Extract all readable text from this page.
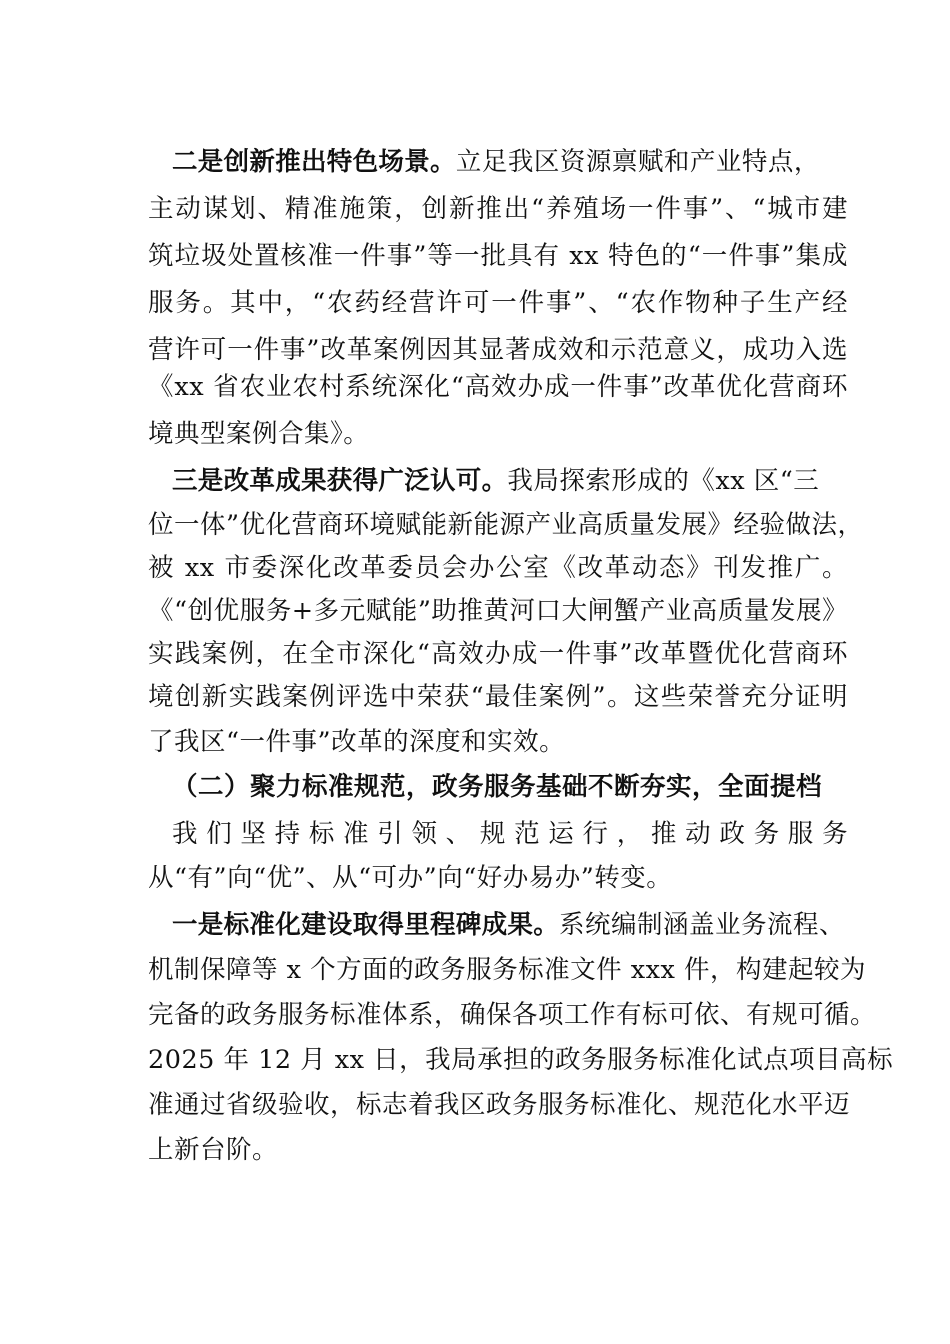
二是创新推出特色场景。立足我区资源禀赋和产业特点，
主动谋划、精准施策，创新推出“养殖场一件事”、“城市建
筑垃圾处置核准一件事”等一批具有 xx 特色的“一件事”集成
服务。其中，“农药经营许可一件事”、“农作物种子生产经
营许可一件事”改革案例因其显著成效和示范意义，成功入选
《xx 省农业农村系统深化“高效办成一件事”改革优化营商环
境典型案例合集》。
三是改革成果获得广泛认可。我局探索形成的《xx 区“三
位一体”优化营商环境赋能新能源产业高质量发展》经验做法，
被 xx 市委深化改革委员会办公室《改革动态》刊发推广。
《“创优服务+多元赋能”助推黄河口大闸蟹产业高质量发展》
实践案例，在全市深化“高效办成一件事”改革暨优化营商环
境创新实践案例评选中荣获“最佳案例”。这些荣誉充分证明
了我区“一件事”改革的深度和实效。
（二）聚力标准规范，政务服务基础不断夯实，全面提档
我们坚持标准引领、规范运行，推动政务服务
从“有”向“优”、从“可办”向“好办易办”转变。
一是标准化建设取得里程碑成果。系统编制涵盖业务流程、
机制保障等 x 个方面的政务服务标准文件 xxx 件，构建起较为
完备的政务服务标准体系，确保各项工作有标可依、有规可循。
2025 年 12 月 xx 日，我局承担的政务服务标准化试点项目高标
准通过省级验收，标志着我区政务服务标准化、规范化水平迈
上新台阶。
